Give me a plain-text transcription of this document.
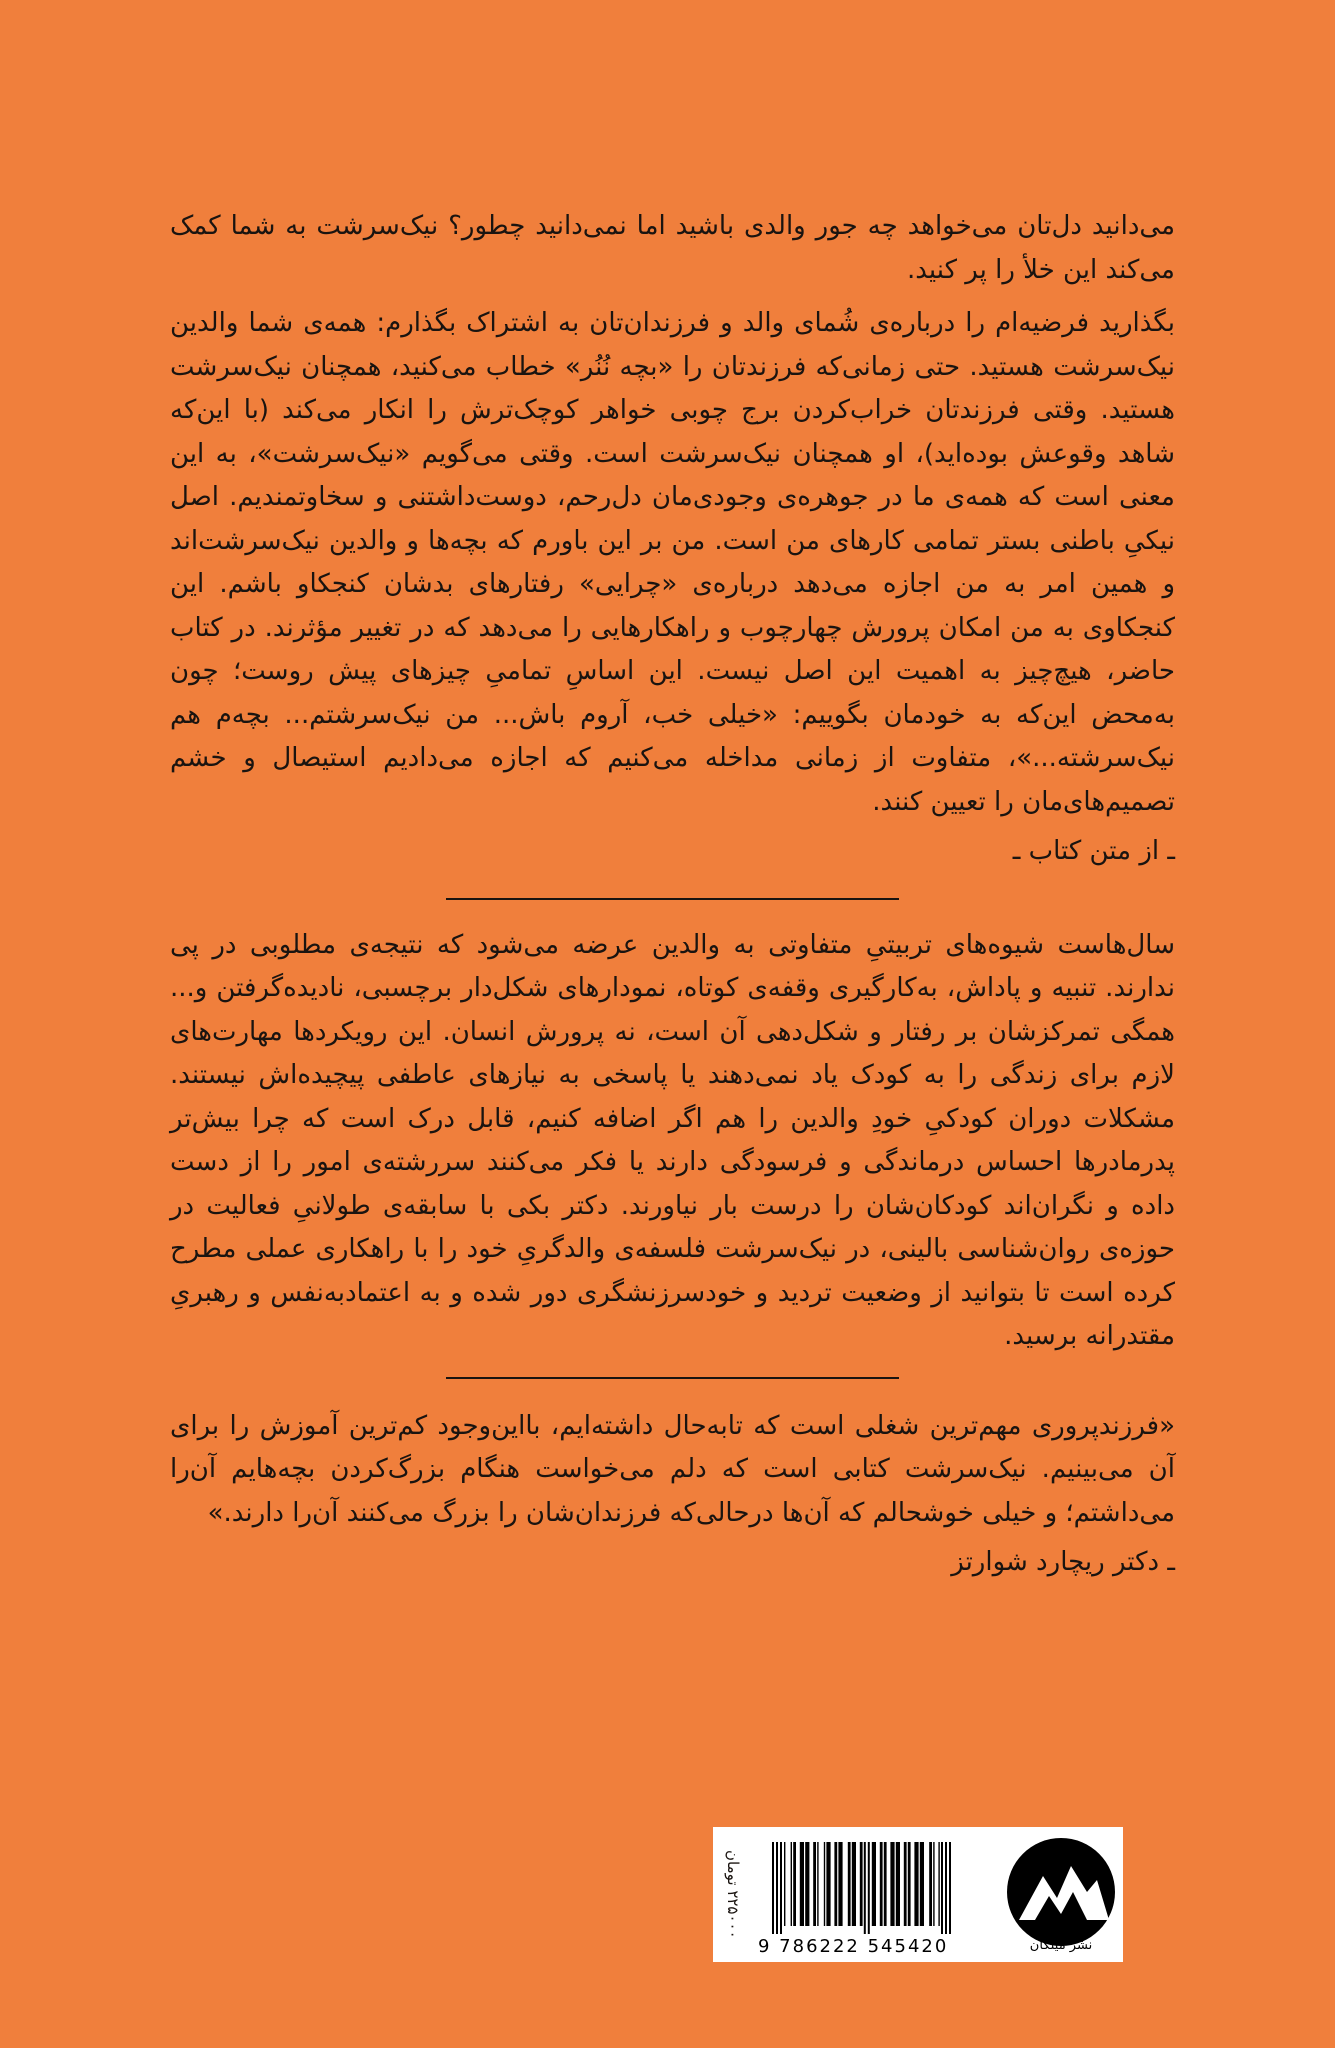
می‌دانید دل‌تان می‌خواهد چه جور والدی باشید اما نمی‌دانید چطور؟ نیک‌سرشت به شما کمک می‌کند این خلأ را پر کنید.

بگذارید فرضیه‌ام را درباره‌ی شُمای والد و فرزندان‌تان به اشتراک بگذارم: همه‌ی شما والدین نیک‌سرشت هستید. حتی زمانی‌که فرزندتان را «بچه‌ نُنُر» خطاب می‌کنید، همچنان نیک‌سرشت هستید. وقتی فرزندتان خراب‌کردن برج چوبی خواهر کوچک‌ترش را انکار می‌کند (با این‌که شاهد وقوعش بوده‌اید)، او همچنان نیک‌سرشت است. وقتی می‌گویم «نیک‌سرشت»، به این معنی است که همه‌ی ما در جوهره‌ی وجودی‌مان دل‌رحم، دوست‌داشتنی و سخاوتمندیم. اصل نیکیِ باطنی بستر تمامی کارهای من است. من بر این باورم که بچه‌ها و والدین نیک‌سرشت‌اند و همین امر به من اجازه می‌دهد درباره‌ی «چرایی» رفتارهای بدشان کنجکاو باشم. این کنجکاوی به من امکان پرورش چهارچوب و راهکارهایی را می‌دهد که در تغییر مؤثرند. در کتاب حاضر، هیچ‌چیز به اهمیت این اصل نیست. این اساسِ تمامیِ چیزهای پیش روست؛ چون به‌محض این‌که به خودمان بگوییم: «خیلی خب، آروم باش... من نیک‌سرشتم... بچه‌م هم نیک‌سرشته...»، متفاوت از زمانی مداخله می‌کنیم که اجازه می‌دادیم استیصال و خشم تصمیم‌های‌مان را تعیین کنند.

ـ از متن کتاب ـ

سال‌هاست شیوه‌های تربیتیِ متفاوتی به والدین عرضه می‌شود که نتیجه‌ی مطلوبی در پی ندارند. تنبیه و پاداش، به‌کارگیری وقفه‌ی کوتاه، نمودارهای شکل‌دار برچسبی، نادیده‌گرفتن و... همگی تمرکزشان بر رفتار و شکل‌دهی آن است، نه پرورش انسان. این رویکردها مهارت‌های لازم برای زندگی را به کودک یاد نمی‌دهند یا پاسخی به نیازهای عاطفی پیچیده‌اش نیستند. مشکلات دوران کودکیِ خودِ والدین را هم اگر اضافه کنیم، قابل درک است که چرا بیش‌تر پدرمادرها احساس درماندگی و فرسودگی دارند یا فکر می‌کنند سررشته‌ی امور را از دست داده و نگران‌اند کودکان‌شان را درست بار نیاورند. دکتر بکی با سابقه‌ی طولانیِ فعالیت در حوزه‌ی روان‌شناسی بالینی، در نیک‌سرشت فلسفه‌ی والدگریِ خود را با راهکاری عملی مطرح کرده است تا بتوانید از وضعیت تردید و خودسرزنشگری دور شده و به اعتمادبه‌نفس و رهبریِ مقتدرانه برسید.

«فرزندپروری مهم‌ترین شغلی است که تابه‌حال داشته‌ایم، بااین‌وجود کم‌ترین آموزش را برای آن می‌بینیم. نیک‌سرشت کتابی است که دلم می‌خواست هنگام بزرگ‌کردن بچه‌هایم آن‌را می‌داشتم؛ و خیلی خوشحالم که آن‌ها درحالی‌که فرزندان‌شان را بزرگ می‌کنند آن‌را دارند.»

ـ دکتر ریچارد شوارتز
۲۲۵۰۰۰ تومان
9 786222 545420	نشر میلکان
